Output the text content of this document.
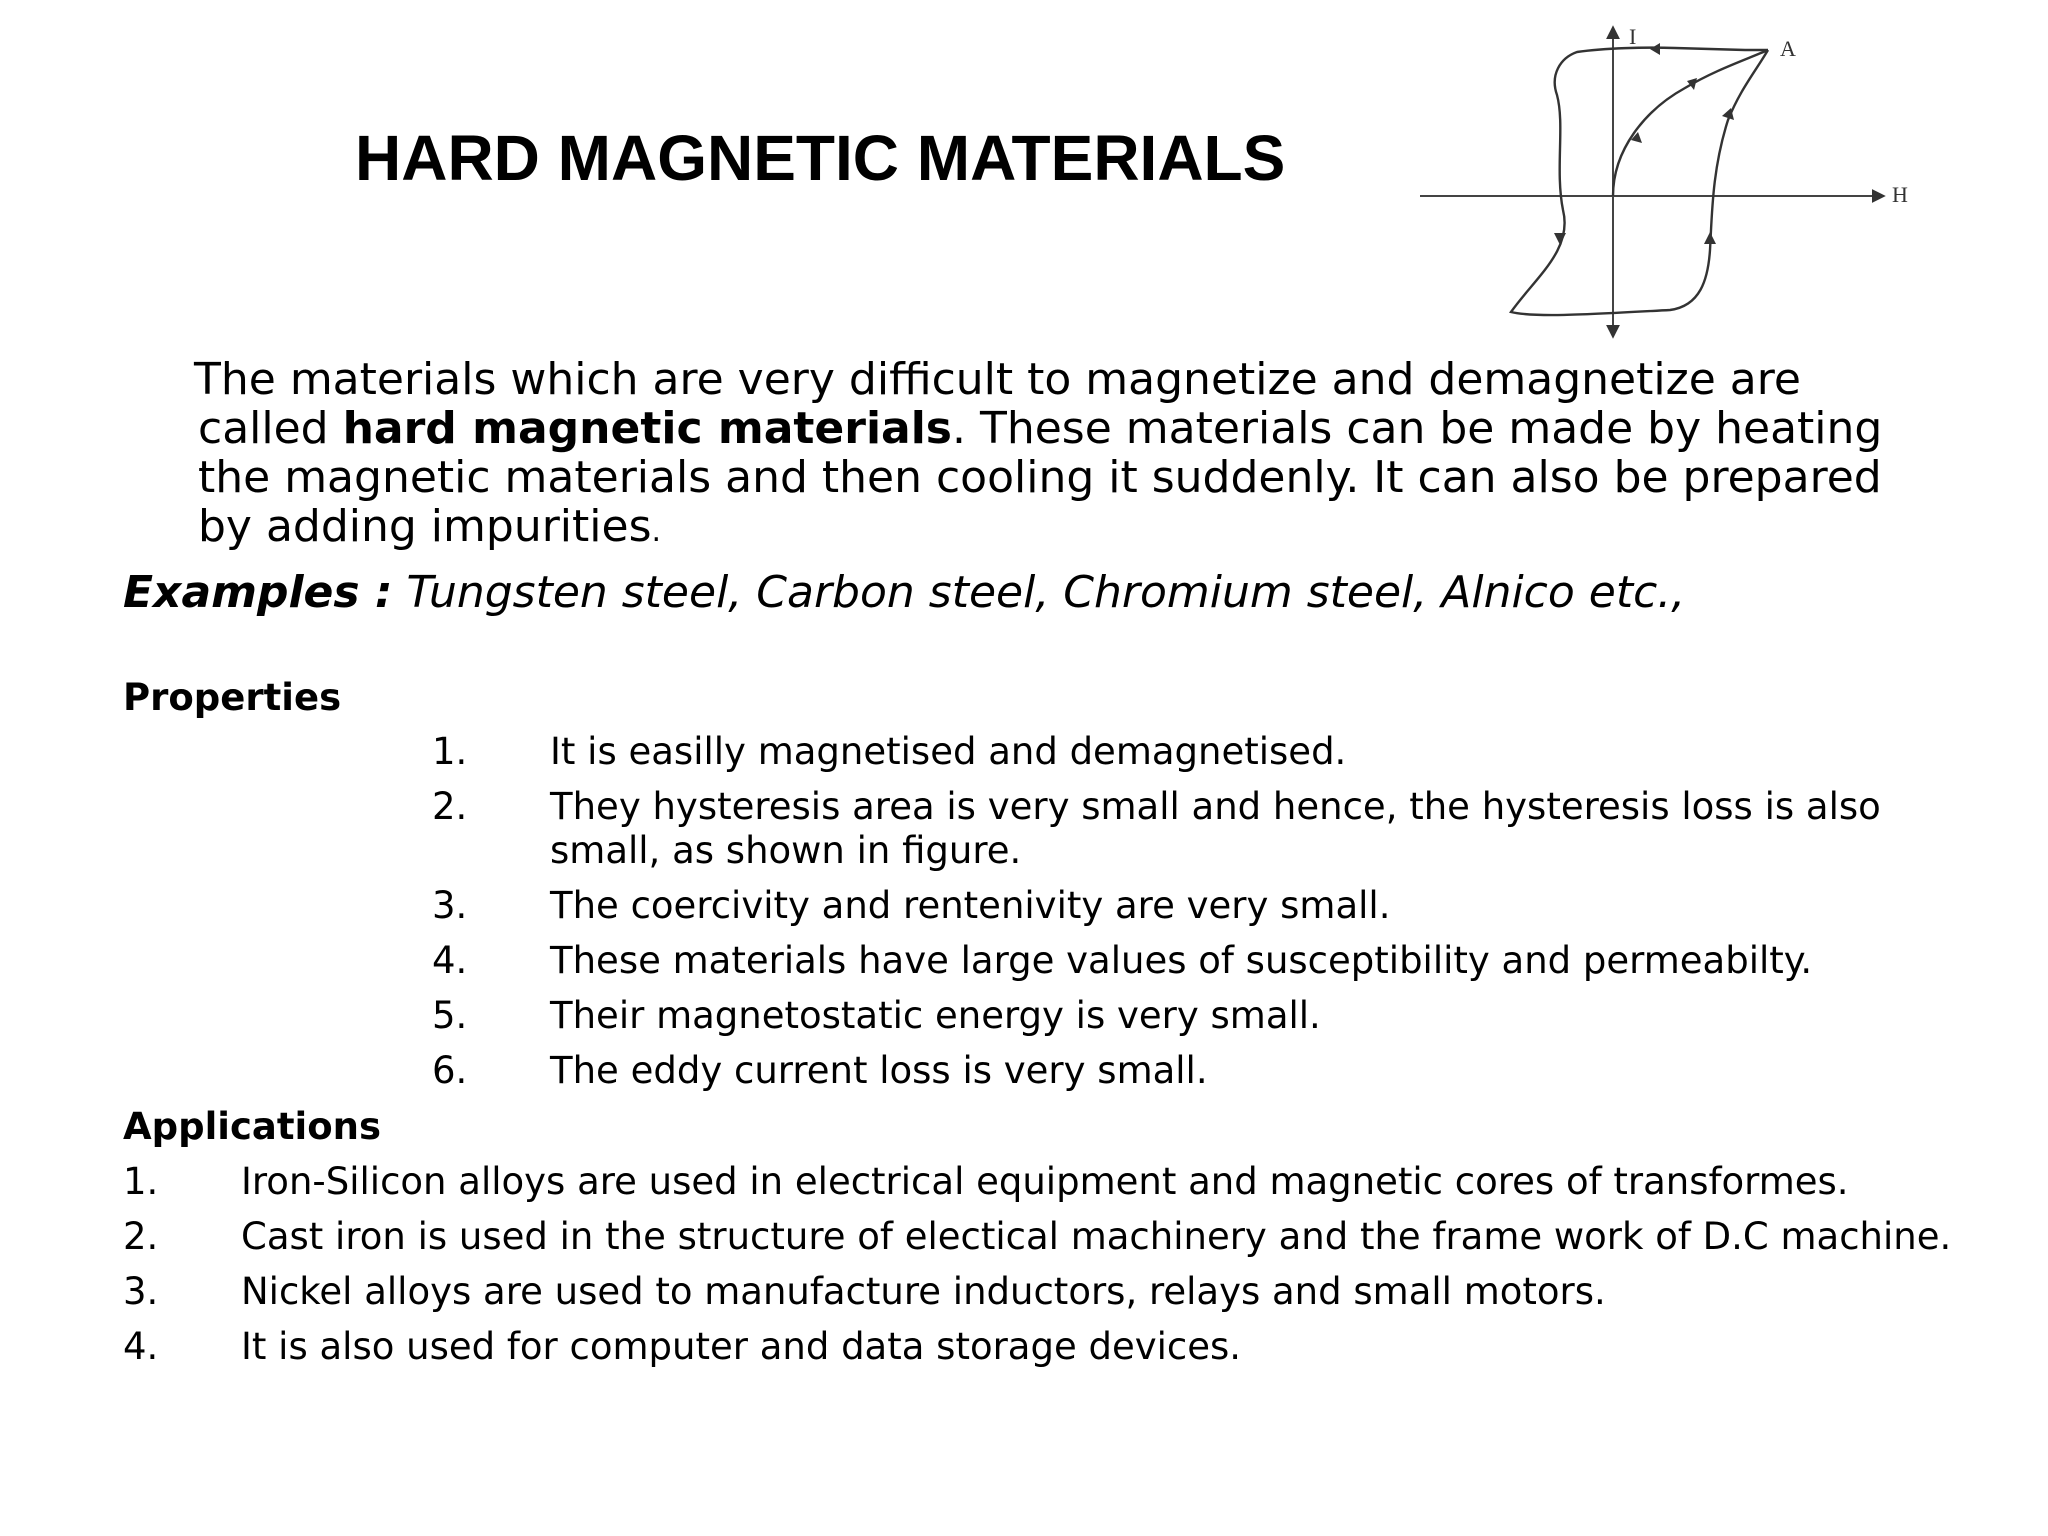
HARD MAGNETIC MATERIALS
I
H
A

The materials which are very difficult to magnetize and demagnetize are called hard magnetic materials. These materials can be made by heating the magnetic materials and then cooling it suddenly. It can also be prepared by adding impurities.

Examples : Tungsten steel, Carbon steel, Chromium steel, Alnico etc.,

Properties
1. It is easilly magnetised and demagnetised.
2. They hysteresis area is very small and hence, the hysteresis loss is also small, as shown in figure.
3. The coercivity and rentenivity are very small.
4. These materials have large values of susceptibility and permeabilty.
5. Their magnetostatic energy is very small.
6. The eddy current loss is very small.
Applications
1. Iron-Silicon alloys are used in electrical equipment and magnetic cores of transformes.
2. Cast iron is used in the structure of electical machinery and the frame work of D.C machine.
3. Nickel alloys are used to manufacture inductors, relays and small motors.
4. It is also used for computer and data storage devices.
